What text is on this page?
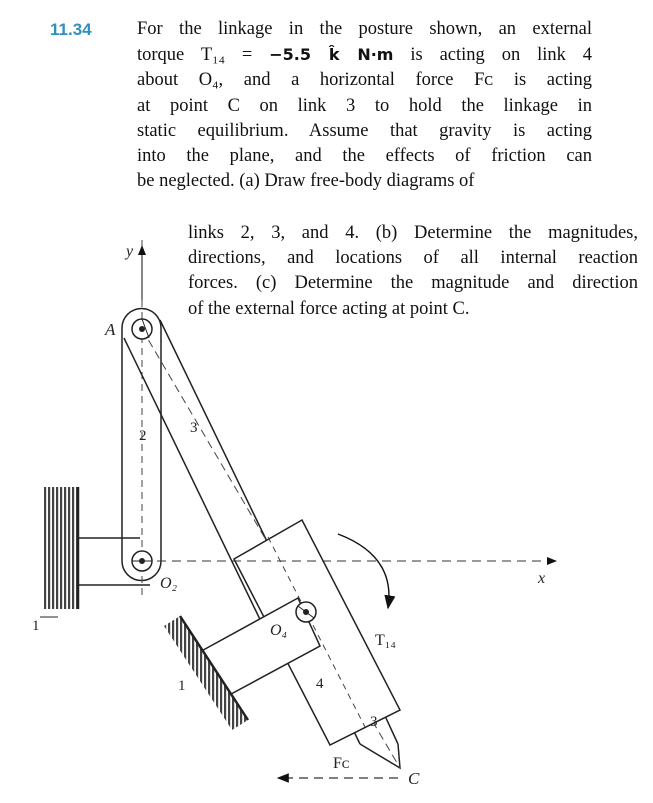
11.34 For the linkage in the posture shown, an external
torque T₁₄ = −5.5 k̂ N·m is acting on link 4
about O₄, and a horizontal force Fᴄ is acting
at point C on link 3 to hold the linkage in
static equilibrium. Assume that gravity is acting
into the plane, and the effects of friction can
be neglected. (a) Draw free-body diagrams of
links 2, 3, and 4. (b) Determine the magnitudes,
directions, and locations of all internal reaction
forces. (c) Determine the magnitude and direction
of the external force acting at point C.
y
x
A
C
O₂
O₄
2	3
3
4
1
1
T₁₄
Fᴄ
